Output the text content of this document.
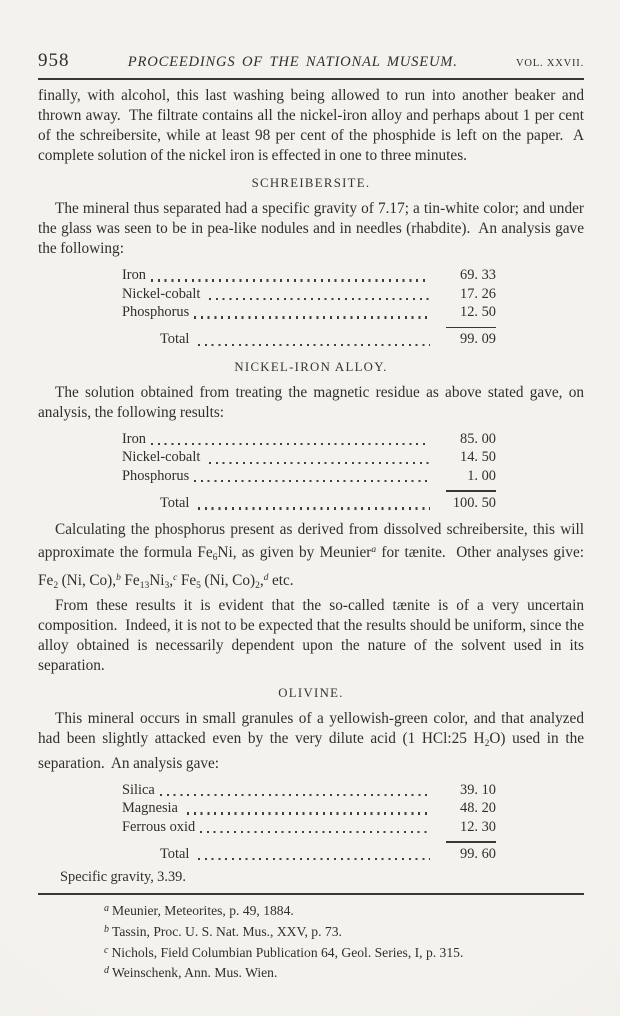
958	PROCEEDINGS OF THE NATIONAL MUSEUM.	VOL. XXVII.

finally, with alcohol, this last washing being allowed to run into another beaker and thrown away.  The filtrate contains all the nickel-iron alloy and perhaps about 1 per cent of the schreibersite, while at least 98 per cent of the phosphide is left on the paper.  A complete solution of the nickel iron is effected in one to three minutes.

SCHREIBERSITE.

The mineral thus separated had a specific gravity of 7.17; a tin-white color; and under the glass was seen to be in pea-like nodules and in needles (rhabdite).  An analysis gave the following:

Iron	69. 33
Nickel-cobalt	17. 26
Phosphorus	12. 50
Total	99. 09
NICKEL-IRON ALLOY.

The solution obtained from treating the magnetic residue as above stated gave, on analysis, the following results:

Iron	85. 00
Nickel-cobalt	14. 50
Phosphorus	1. 00
Total	100. 50

Calculating the phosphorus present as derived from dissolved schreibersite, this will approximate the formula $Fe_6Ni$, as given by Meunier$^a$ for tænite.  Other analyses give: $Fe_2$ (Ni, Co),$^b$ $Fe_{13}Ni_3,^c$ $Fe_5$ (Ni, $Co)_2,^d$ etc.

From these results it is evident that the so-called tænite is of a very uncertain composition.  Indeed, it is not to be expected that the results should be uniform, since the alloy obtained is necessarily dependent upon the nature of the solvent used in its separation.

OLIVINE.

This mineral occurs in small granules of a yellowish-green color, and that analyzed had been slightly attacked even by the very dilute acid (1 HCl:25 $H_2O$) used in the separation.  An analysis gave:

Silica	39. 10
Magnesia	48. 20
Ferrous oxid	12. 30
Total	99. 60

Specific gravity, 3.39.

$^a$ Meunier, Meteorites, p. 49, 1884.
$^b$ Tassin, Proc. U. S. Nat. Mus., XXV, p. 73.
$^c$ Nichols, Field Columbian Publication 64, Geol. Series, I, p. 315.
$^d$ Weinschenk, Ann. Mus. Wien.
